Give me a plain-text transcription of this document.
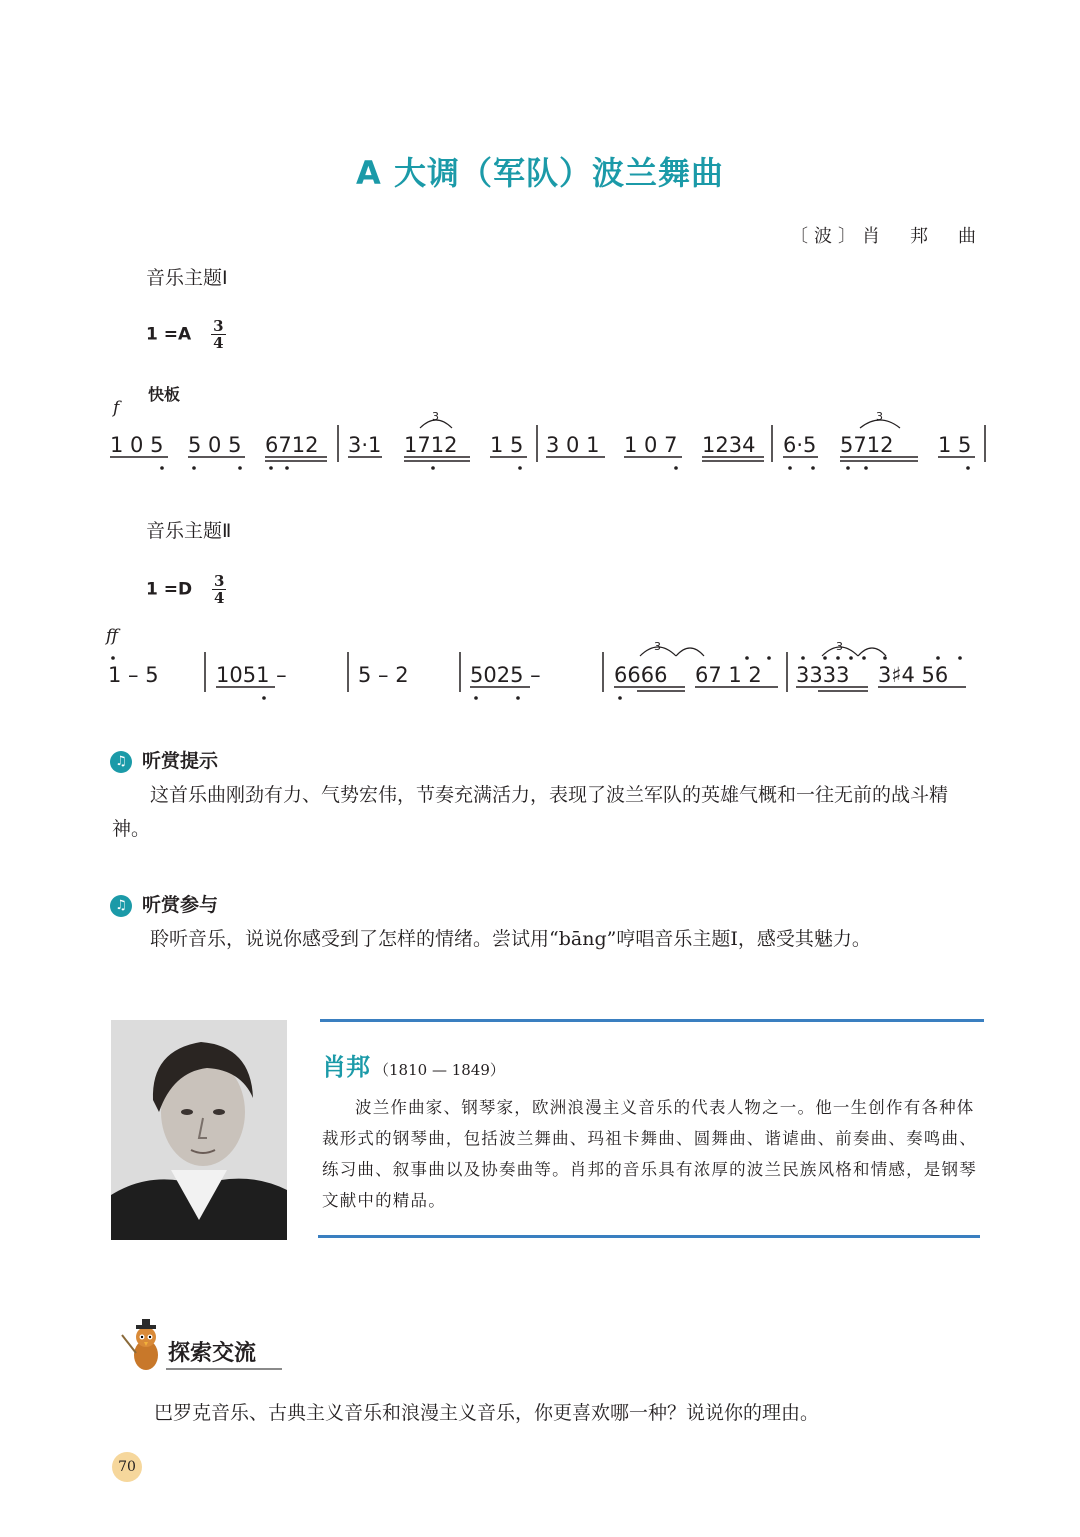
A 大调（军队）波兰舞曲
〔波〕肖　邦　曲
音乐主题Ⅰ
$1 =A \frac{3}{4}$
快板
f
1 0 5 5 0 5 6712 3·1 1712 1 5 3 0 1 1 0 7 1234 6·5 5712 1 5
3	3
1 – 5	1051 –	5 – 2	5025 –	6666 67 1 2 3333 3♯4 56
3	3
音乐主题Ⅱ
$1 =D \frac{3}{4}$
ff
♫ 听赏提示
这首乐曲刚劲有力、气势宏伟，节奏充满活力，表现了波兰军队的英雄气概和一往无前的战斗精神。
♫ 听赏参与
聆听音乐，说说你感受到了怎样的情绪。尝试用“bāng”哼唱音乐主题Ⅰ，感受其魅力。
肖邦 （1810 — 1849）
波兰作曲家、钢琴家，欧洲浪漫主义音乐的代表人物之一。他一生创作有各种体裁形式的钢琴曲，包括波兰舞曲、玛祖卡舞曲、圆舞曲、谐谑曲、前奏曲、奏鸣曲、练习曲、叙事曲以及协奏曲等。肖邦的音乐具有浓厚的波兰民族风格和情感，是钢琴文献中的精品。
探索交流
巴罗克音乐、古典主义音乐和浪漫主义音乐，你更喜欢哪一种？说说你的理由。
70
